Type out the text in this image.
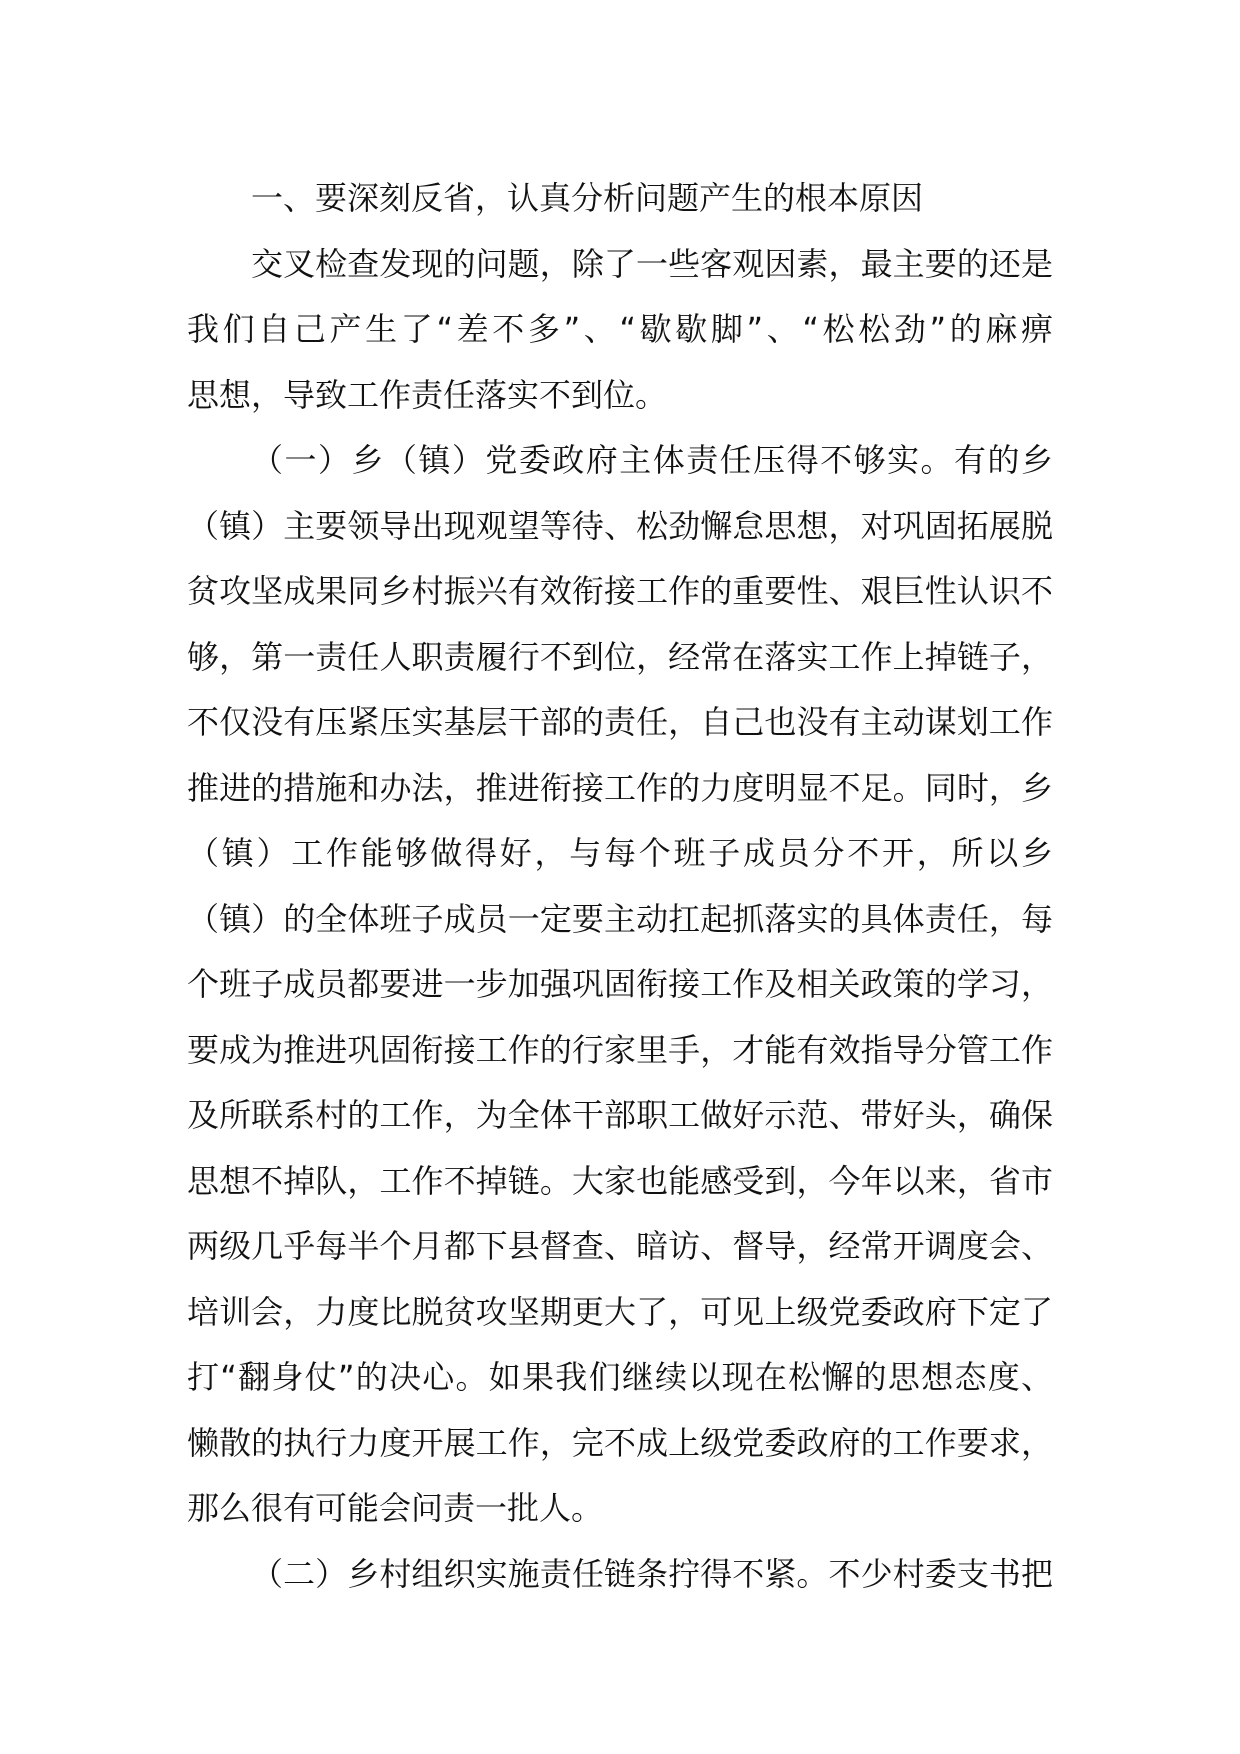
一、要深刻反省，认真分析问题产生的根本原因
交叉检查发现的问题，除了一些客观因素，最主要的还是
我们自己产生了“差不多”、“歇歇脚”、“松松劲”的麻痹
思想，导致工作责任落实不到位。
（一）乡（镇）党委政府主体责任压得不够实。有的乡
（镇）主要领导出现观望等待、松劲懈怠思想，对巩固拓展脱
贫攻坚成果同乡村振兴有效衔接工作的重要性、艰巨性认识不
够，第一责任人职责履行不到位，经常在落实工作上掉链子，
不仅没有压紧压实基层干部的责任，自己也没有主动谋划工作
推进的措施和办法，推进衔接工作的力度明显不足。同时，乡
（镇）工作能够做得好，与每个班子成员分不开，所以乡
（镇）的全体班子成员一定要主动扛起抓落实的具体责任，每
个班子成员都要进一步加强巩固衔接工作及相关政策的学习，
要成为推进巩固衔接工作的行家里手，才能有效指导分管工作
及所联系村的工作，为全体干部职工做好示范、带好头，确保
思想不掉队，工作不掉链。大家也能感受到，今年以来，省市
两级几乎每半个月都下县督查、暗访、督导，经常开调度会、
培训会，力度比脱贫攻坚期更大了，可见上级党委政府下定了
打“翻身仗”的决心。如果我们继续以现在松懈的思想态度、
懒散的执行力度开展工作，完不成上级党委政府的工作要求，
那么很有可能会问责一批人。
（二）乡村组织实施责任链条拧得不紧。不少村委支书把
